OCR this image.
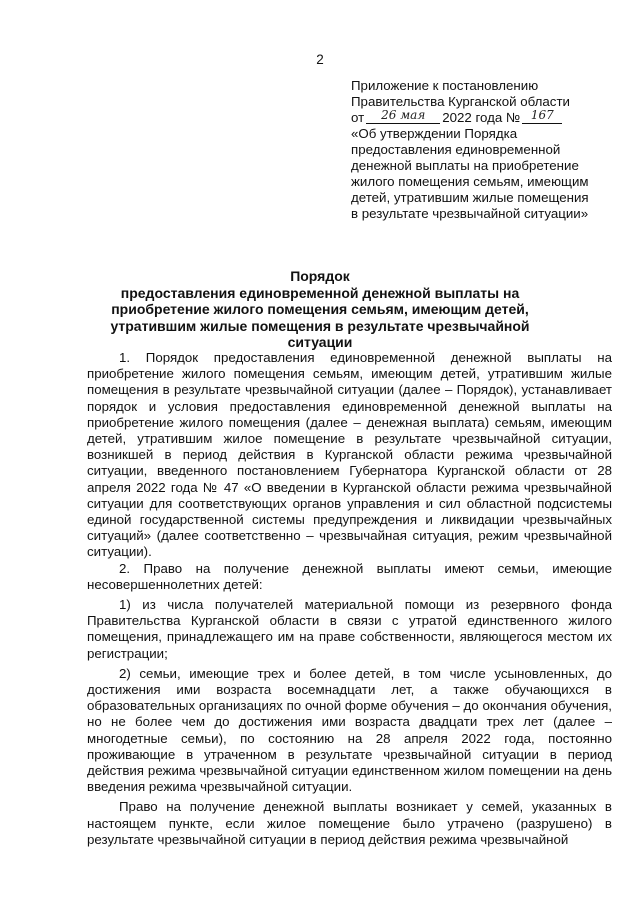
2
Приложение к постановлению
Правительства Курганской области
от 26 мая 2022 года № 167
«Об утверждении Порядка
предоставления единовременной
денежной выплаты на приобретение
жилого помещения семьям, имеющим
детей, утратившим жилые помещения
в результате чрезвычайной ситуации»
Порядок
предоставления единовременной денежной выплаты на приобретение жилого помещения семьям, имеющим детей, утратившим жилые помещения в результате чрезвычайной ситуации

1. Порядок предоставления единовременной денежной выплаты на приобретение жилого помещения семьям, имеющим детей, утратившим жилые помещения в результате чрезвычайной ситуации (далее – Порядок), устанавливает порядок и условия предоставления единовременной денежной выплаты на приобретение жилого помещения (далее – денежная выплата) семьям, имеющим детей, утратившим жилое помещение в результате чрезвычайной ситуации, возникшей в период действия в Курганской области режима чрезвычайной ситуации, введенного постановлением Губернатора Курганской области от 28 апреля 2022 года № 47 «О введении в Курганской области режима чрезвычайной ситуации для соответствующих органов управления и сил областной подсистемы единой государственной системы предупреждения и ликвидации чрезвычайных ситуаций» (далее соответственно – чрезвычайная ситуация, режим чрезвычайной ситуации).

2. Право на получение денежной выплаты имеют семьи, имеющие несовершеннолетних детей:

1) из числа получателей материальной помощи из резервного фонда Правительства Курганской области в связи с утратой единственного жилого помещения, принадлежащего им на праве собственности, являющегося местом их регистрации;

2) семьи, имеющие трех и более детей, в том числе усыновленных, до достижения ими возраста восемнадцати лет, а также обучающихся в образовательных организациях по очной форме обучения – до окончания обучения, но не более чем до достижения ими возраста двадцати трех лет (далее – многодетные семьи), по состоянию на 28 апреля 2022 года, постоянно проживающие в утраченном в результате чрезвычайной ситуации в период действия режима чрезвычайной ситуации единственном жилом помещении на день введения режима чрезвычайной ситуации.

Право на получение денежной выплаты возникает у семей, указанных в настоящем пункте, если жилое помещение было утрачено (разрушено) в результате чрезвычайной ситуации в период действия режима чрезвычайной
